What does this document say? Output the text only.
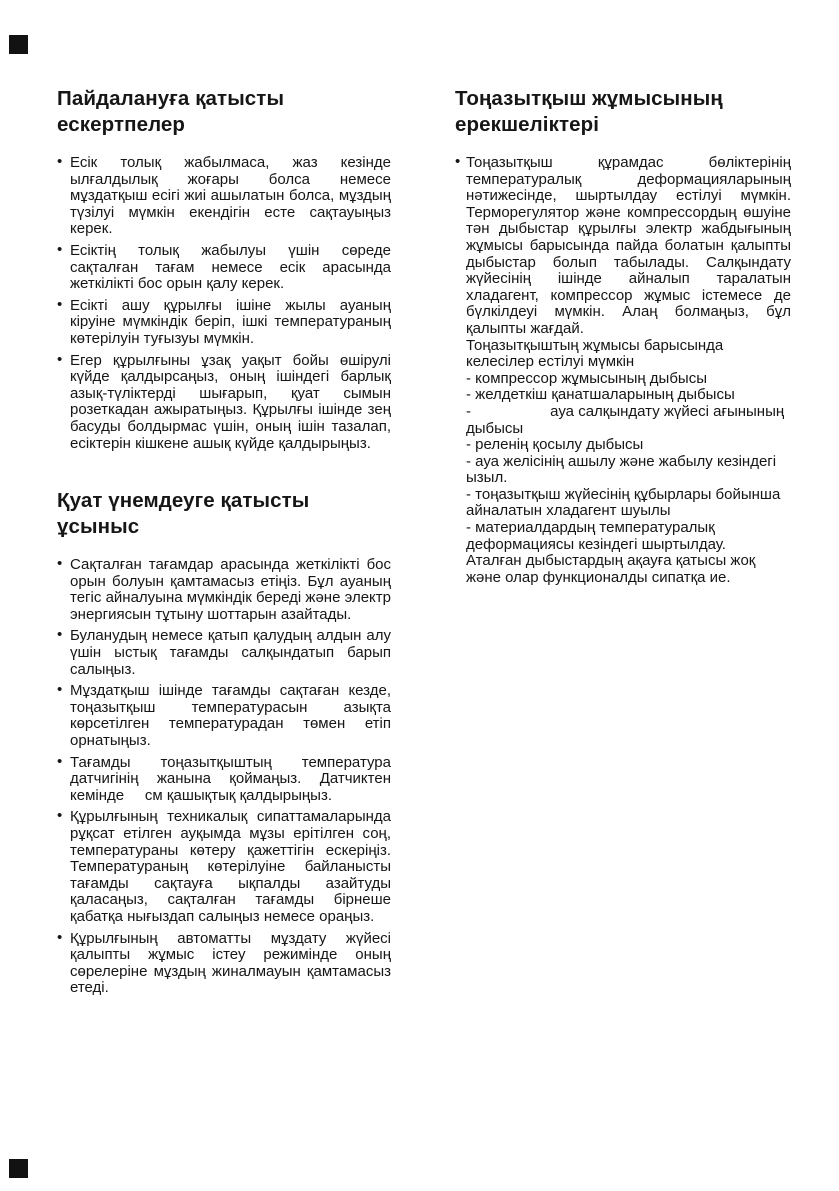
Пайдалануға қатысты
ескертпелер
• Есік толық жабылмаса, жаз кезінде ылғалдылық жоғары болса немесе мұздатқыш есігі жиі ашылатын болса, мұздың түзілуі мүмкін екендігін есте сақтауыңыз керек.
• Есіктің толық жабылуы үшін сөреде сақталған тағам немесе есік арасында жеткілікті бос орын қалу керек.
• Есікті ашу құрылғы ішіне жылы ауаның кіруіне мүмкіндік беріп, ішкі температураның көтерілуін туғызуы мүмкін.
• Егер құрылғыны ұзақ уақыт бойы өшірулі күйде қалдырсаңыз, оның ішіндегі барлық азық-түліктерді шығарып, қуат сымын розеткадан ажыратыңыз. Құрылғы ішінде зең басуды болдырмас үшін, оның ішін тазалап, есіктерін кішкене ашық күйде қалдырыңыз.
Қуат үнемдеуге қатысты
ұсыныс
• Сақталған тағамдар арасында жеткілікті бос орын болуын қамтамасыз етіңіз. Бұл ауаның тегіс айналуына мүмкіндік береді және электр энергиясын тұтыну шоттарын азайтады.
• Буланудың немесе қатып қалудың алдын алу үшін ыстық тағамды салқындатып барып салыңыз.
• Мұздатқыш ішінде тағамды сақтаған кезде, тоңазытқыш температурасын азықта көрсетілген температурадан төмен етіп орнатыңыз.
• Тағамды тоңазытқыштың температура датчигінің жанына қоймаңыз. Датчиктен кемінде     см қашықтық қалдырыңыз.
• Құрылғының техникалық сипаттамаларында рұқсат етілген ауқымда мұзы ерітілген соң, температураны көтеру қажеттігін ескеріңіз. Температураның көтерілуіне байланысты тағамды сақтауға ықпалды азайтуды қаласаңыз, сақталған тағамды бірнеше қабатқа нығыздап салыңыз немесе ораңыз.
• Құрылғының автоматты мұздату жүйесі қалыпты жұмыс істеу режимінде оның сөрелеріне мұздың жиналмауын қамтамасыз етеді.
Тоңазытқыш жұмысының
ерекшеліктері
• Тоңазытқыш құрамдас бөліктерінің температуралық деформацияларының нәтижесінде, шыртылдау естілуі мүмкін. Терморегулятор және компрессордың өшуіне тән дыбыстар құрылғы электр жабдығының жұмысы барысында пайда болатын қалыпты дыбыстар болып табылады. Салқындату жүйесінің ішінде айналып таралатын хладагент, компрессор жұмыс істемесе де бүлкілдеуі мүмкін. Алаң болмаңыз, бұл қалыпты жағдай.
Тоңазытқыштың жұмысы барысында келесілер естілуі мүмкін
- компрессор жұмысының дыбысы
- желдеткіш қанатшаларының дыбысы
-                   ауа салқындату жүйесі ағынының дыбысы
- реленің қосылу дыбысы
- ауа желісінің ашылу және жабылу кезіндегі ызыл.
- тоңазытқыш жүйесінің құбырлары бойынша айналатын хладагент шуылы
- материалдардың температуралық деформациясы кезіндегі шыртылдау.
Аталған дыбыстардың ақауға қатысы жоқ және олар функционалды сипатқа ие.
